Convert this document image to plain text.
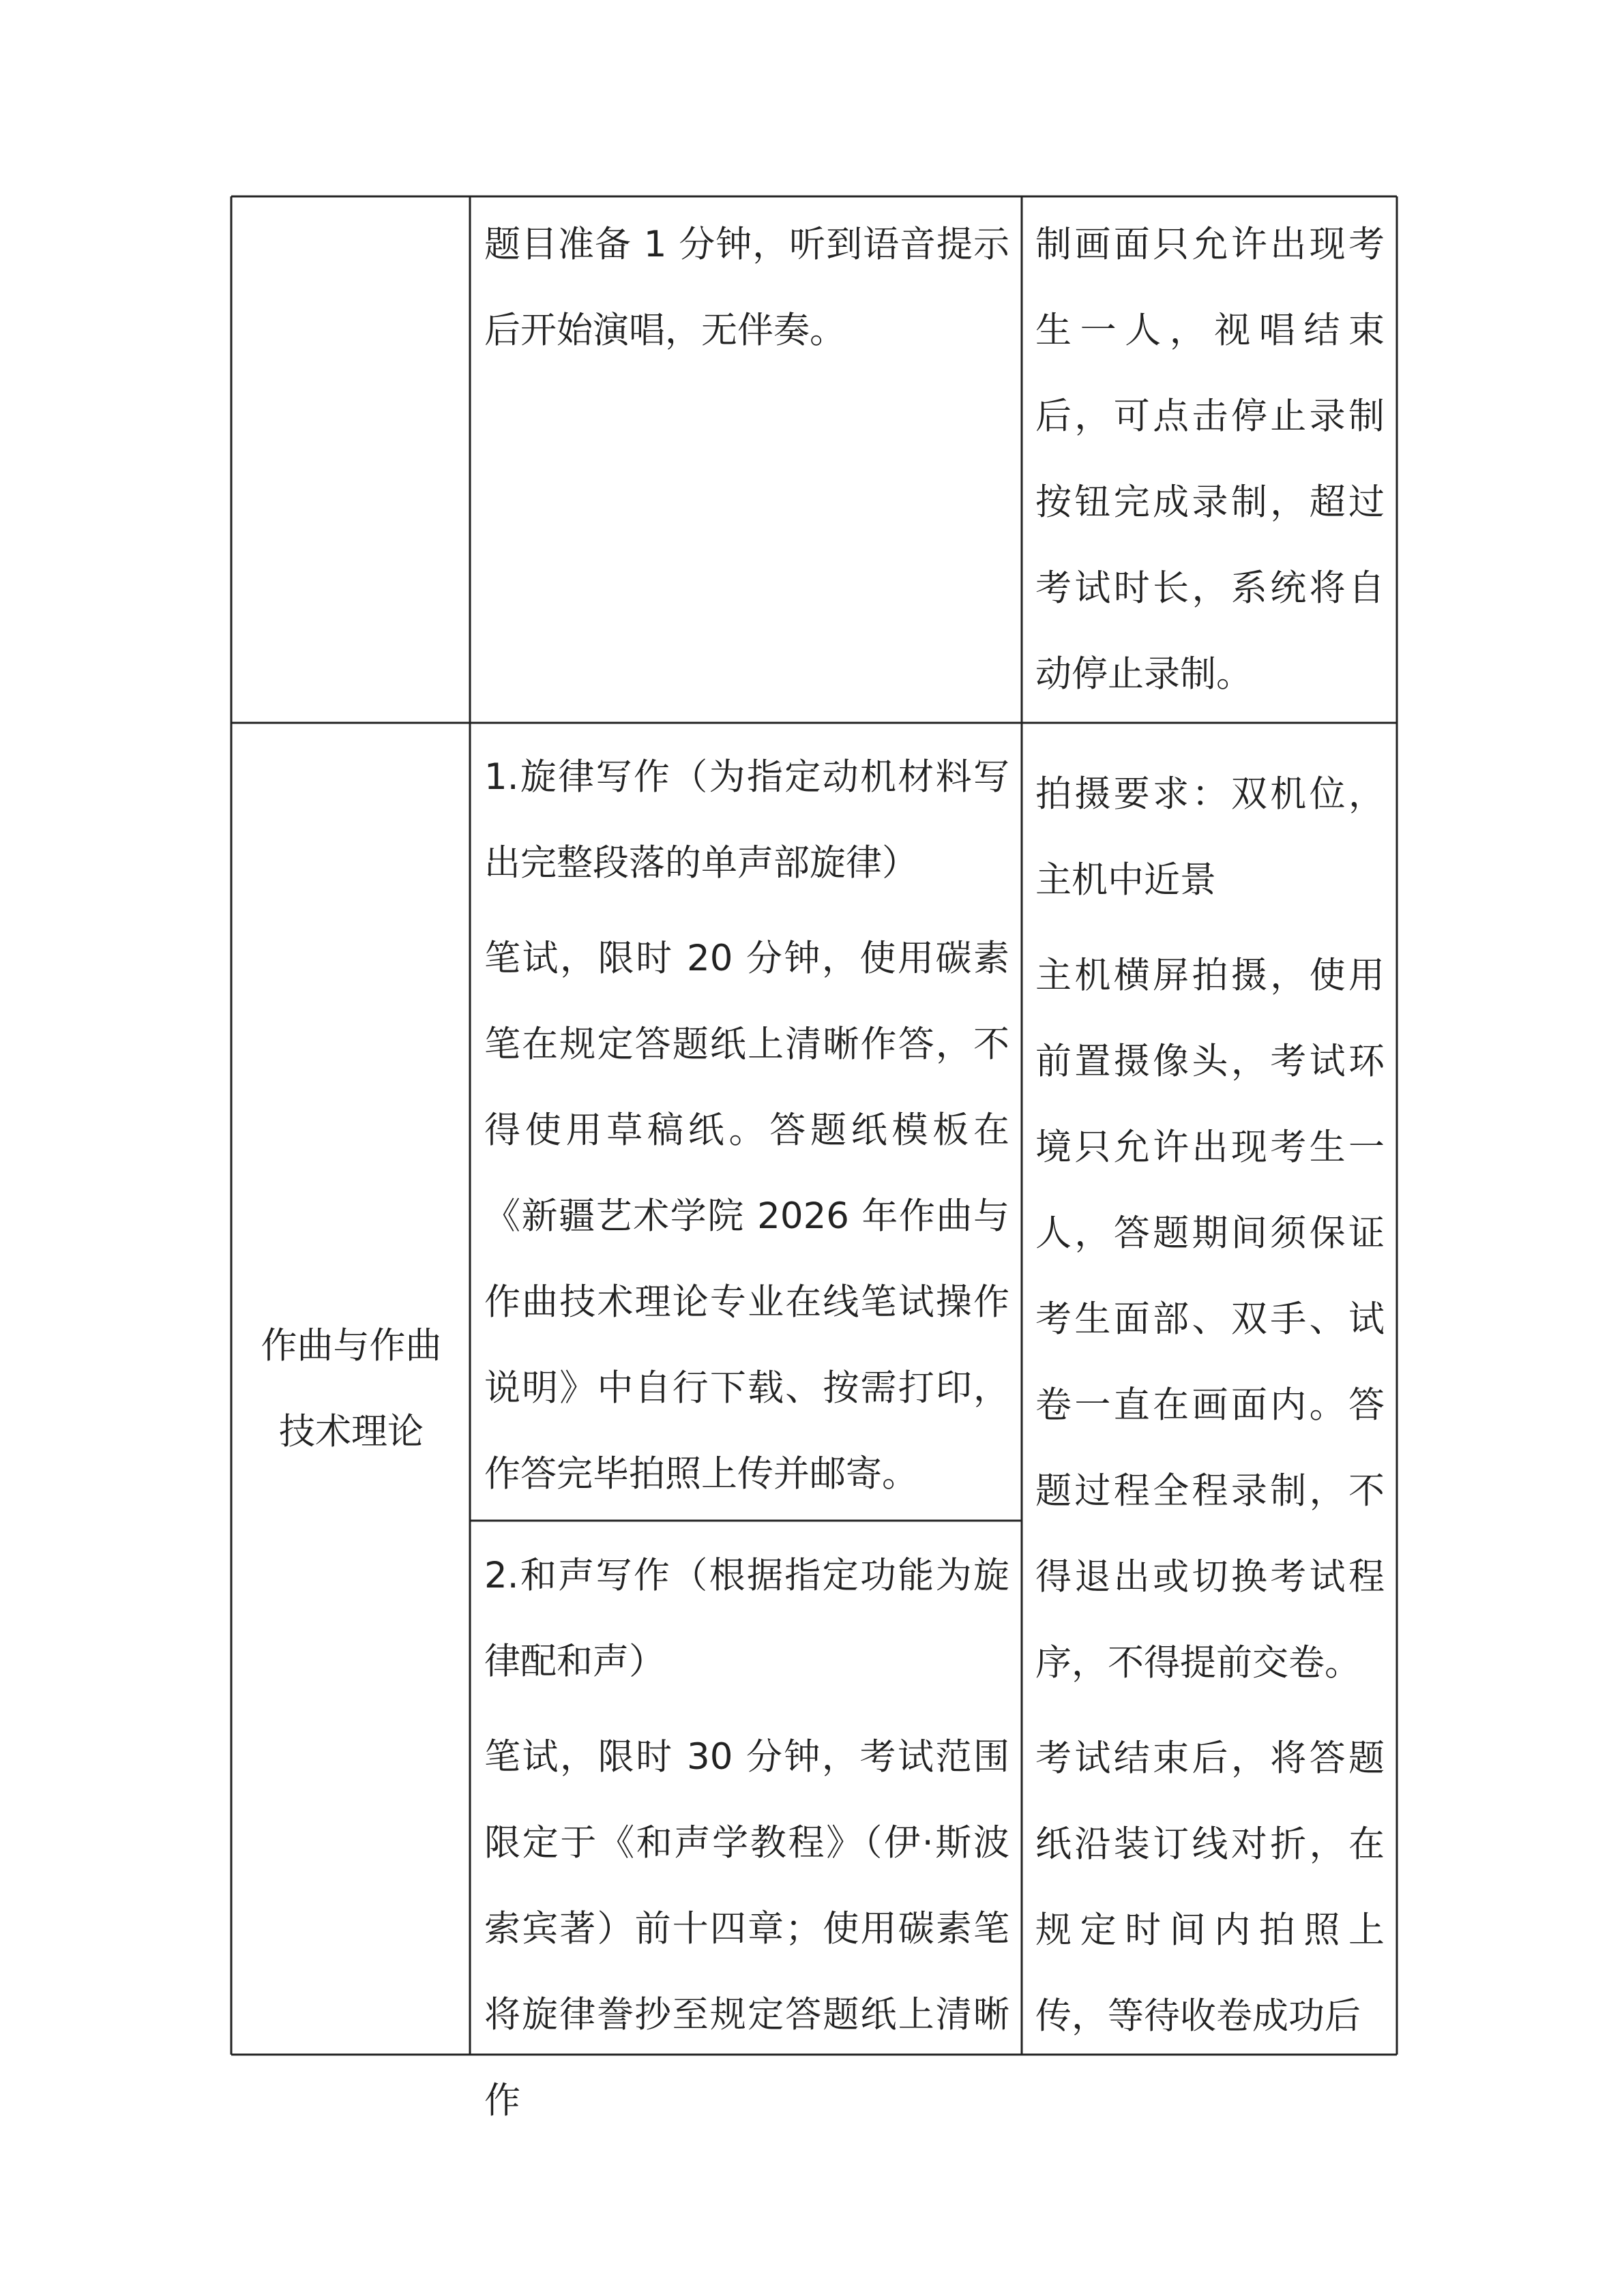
题目准备 1 分钟，听到语音提示后开始演唱，无伴奏。

制画面只允许出现考生一人，视唱结束后，可点击停止录制按钮完成录制，超过考试时长，系统将自动停止录制。

作曲与作曲技术理论

1.旋律写作（为指定动机材料写出完整段落的单声部旋律）

笔试，限时 20 分钟，使用碳素笔在规定答题纸上清晰作答，不得使用草稿纸。答题纸模板在《新疆艺术学院 2026 年作曲与作曲技术理论专业在线笔试操作说明》中自行下载、按需打印，作答完毕拍照上传并邮寄。

2.和声写作（根据指定功能为旋律配和声）

笔试，限时 30 分钟，考试范围限定于《和声学教程》（伊·斯波索宾著）前十四章；使用碳素笔将旋律誊抄至规定答题纸上清晰作

拍摄要求：双机位，主机中近景

主机横屏拍摄，使用前置摄像头，考试环境只允许出现考生一人，答题期间须保证考生面部、双手、试卷一直在画面内。答题过程全程录制，不得退出或切换考试程序，不得提前交卷。

考试结束后，将答题纸沿装订线对折，在规定时间内拍照上传，等待收卷成功后
